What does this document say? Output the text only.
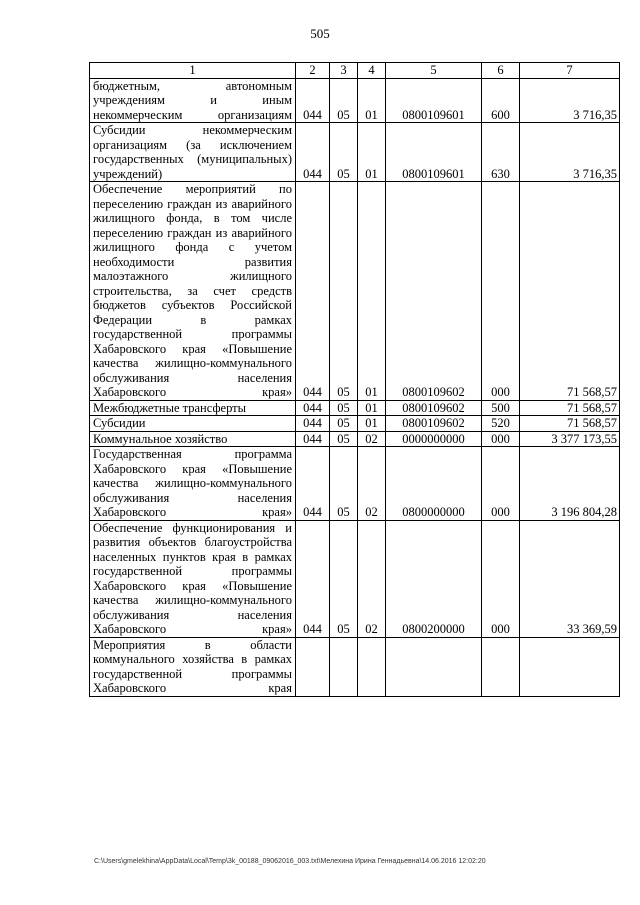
505
1	2	3	4	5	6	7
бюджетным, автономным учреждениям и иным некоммерческим организациям	044	05	01	0800109601	600	3 716,35
Субсидии некоммерческим организациям (за исключением государственных (муниципальных) учреждений)	044	05	01	0800109601	630	3 716,35
Обеспечение мероприятий по переселению граждан из аварийного жилищного фонда, в том числе переселению граждан из аварийного жилищного фонда с учетом необходимости развития малоэтажного жилищного строительства, за счет средств бюджетов субъектов Российской Федерации в рамках государственной программы Хабаровского края «Повышение качества жилищно-коммунального обслуживания населения Хабаровского края»	044	05	01	0800109602	000	71 568,57
Межбюджетные трансферты	044	05	01	0800109602	500	71 568,57
Субсидии	044	05	01	0800109602	520	71 568,57
Коммунальное хозяйство	044	05	02	0000000000	000	3 377 173,55
Государственная программа Хабаровского края «Повышение качества жилищно-коммунального обслуживания населения Хабаровского края»	044	05	02	0800000000	000	3 196 804,28
Обеспечение функционирования и развития объектов благоустройства населенных пунктов края в рамках государственной программы Хабаровского края «Повышение качества жилищно-коммунального обслуживания населения Хабаровского края»	044	05	02	0800200000	000	33 369,59
Мероприятия в области коммунального хозяйства в рамках государственной программы Хабаровского края						
C:\Users\gmelekhina\AppData\Local\Temp\3k_00188_09062016_003.txt\Мелехина Ирина Геннадьевна\14.06.2016 12:02:20
